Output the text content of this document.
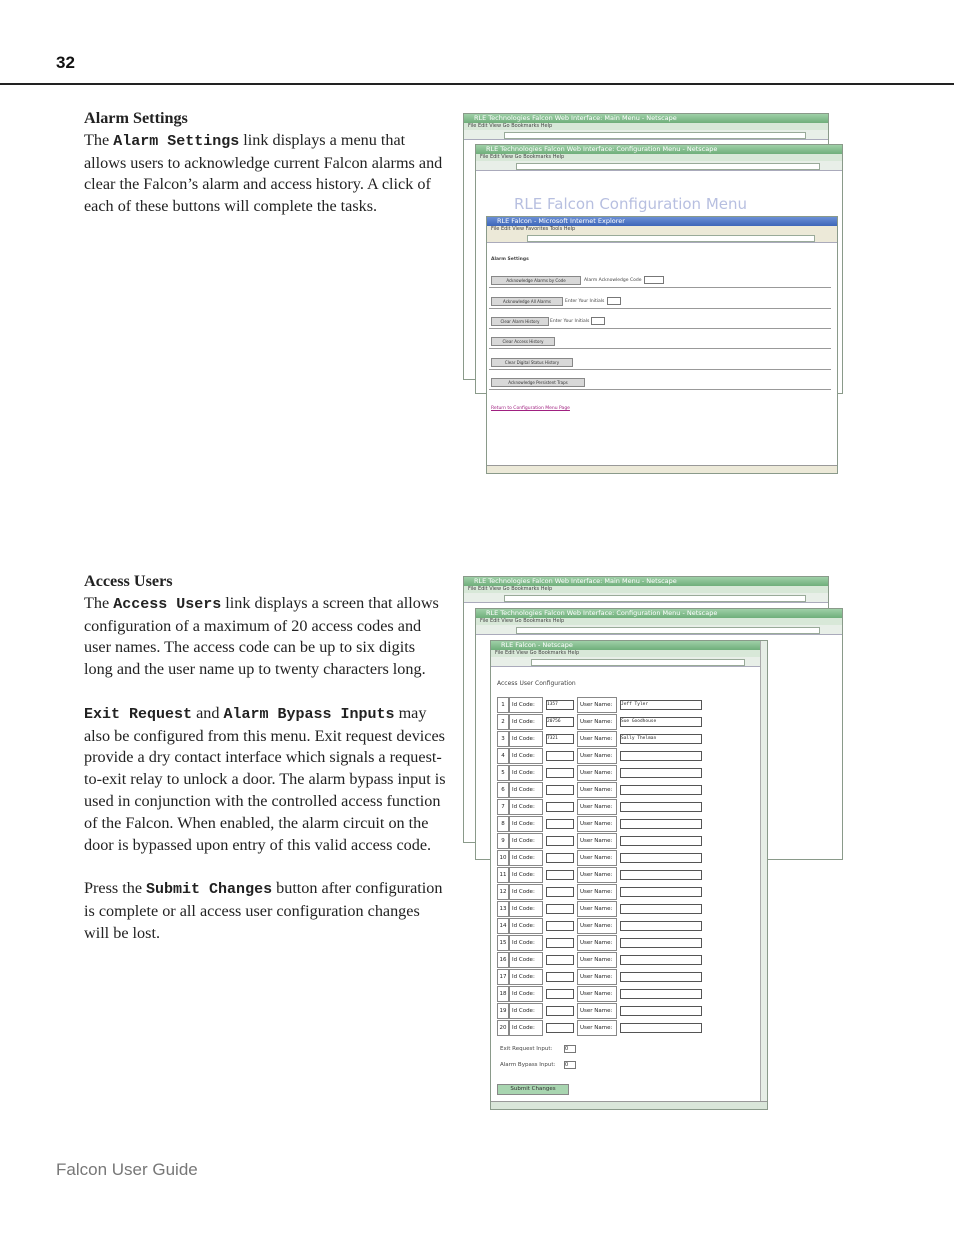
32
Alarm Settings

The Alarm Settings link displays a menu that allows users to acknowledge current Falcon alarms and clear the Falcon’s alarm and access history. A click of each of these buttons will complete the tasks.

Access Users

The Access Users link displays a screen that allows configuration of a maximum of 20 access codes and user names. The access code can be up to six digits long and the user name up to twenty characters long.

Exit Request and Alarm Bypass Inputs may also be configured from this menu. Exit request devices provide a dry contact interface which signals a request-to-exit relay to unlock a door. The alarm bypass input is used in conjunction with the controlled access function of the Falcon. When enabled, the alarm circuit on the door is bypassed upon entry of this valid access code.

Press the Submit Changes button after configuration is complete or all access user configuration changes will be lost.

RLE Technologies Falcon Web Interface: Main Menu - Netscape
File Edit View Go Bookmarks Help
RLE Technologies Falcon Web Interface: Configuration Menu - Netscape
File Edit View Go Bookmarks Help
RLE Falcon Configuration Menu
RLE Falcon - Microsoft Internet Explorer
File Edit View Favorites Tools Help
Alarm Settings
Acknowledge Alarms by Code	Alarm Acknowledge Code
Acknowledge All Alarms	Enter Your Initials
Clear Alarm History	Enter Your Initials
Clear Access History
Clear Digital Status History
Acknowledge Persistent Traps
Return to Configuration Menu Page
RLE Technologies Falcon Web Interface: Main Menu - Netscape
File Edit View Go Bookmarks Help
RLE Technologies Falcon Web Interface: Configuration Menu - Netscape
File Edit View Go Bookmarks Help
RLE Falcon - Netscape
File Edit View Go Bookmarks Help
Access User Configuration
1	Id Code:	1357	User Name:	Jeff Tyler
2	Id Code:	20756	User Name:	Sue Goodhouse
3	Id Code:	7321	User Name:	Sally Thelman
4	Id Code:	User Name:
5	Id Code:	User Name:
6	Id Code:	User Name:
7	Id Code:	User Name:
8	Id Code:	User Name:
9	Id Code:	User Name:
10	Id Code:	User Name:
11	Id Code:	User Name:
12	Id Code:	User Name:
13	Id Code:	User Name:
14	Id Code:	User Name:
15	Id Code:	User Name:
16	Id Code:	User Name:
17	Id Code:	User Name:
18	Id Code:	User Name:
19	Id Code:	User Name:
20	Id Code:	User Name:
Exit Request Input:	0
Alarm Bypass Input: 0
Submit Changes
Falcon User Guide
